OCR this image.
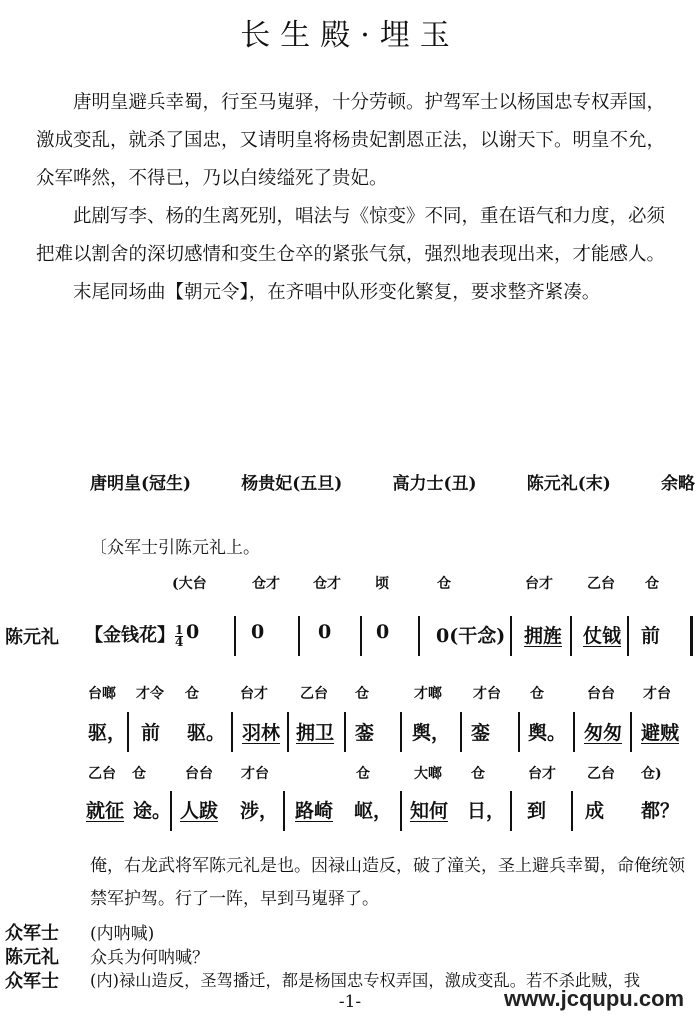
长生殿·埋玉

唐明皇避兵幸蜀，行至马嵬驿，十分劳顿。护驾军士以杨国忠专权弄国，激成变乱，就杀了国忠，又请明皇将杨贵妃割恩正法，以谢天下。明皇不允，众军哗然，不得已，乃以白绫缢死了贵妃。

此剧写李、杨的生离死别，唱法与《惊变》不同，重在语气和力度，必须把难以割舍的深切感情和变生仓卒的紧张气氛，强烈地表现出来，才能感人。

末尾同场曲【朝元令】，在齐唱中队形变化繁复，要求整齐紧凑。

唐明皇(冠生)	杨贵妃(五旦)	高力士(丑)	陈元礼(末)	余略
〔众军士引陈元礼上。
(大台	仓才 仓才 顷	仓	台才 乙台 仓
陈元礼 【金钱花】 $\frac{1}{4} 0$	0	0 0 0(干念) 拥旌 仗钺 前
台啷 才令 仓	台才 乙台 仓	才啷 才台 仓	台台 才台
驱， 前 驱。 羽林 拥卫 銮 舆， 銮 舆。 匆匆 避贼
乙台 仓	台台 才台	仓	大啷 仓	台才 乙台 仓)
就征 途。 人跋 涉， 路崎 岖， 知何 日， 到 成 都？
俺，右龙武将军陈元礼是也。因禄山造反，破了潼关，圣上避兵幸蜀，命俺统领禁军护驾。行了一阵，早到马嵬驿了。
众军士 (内呐喊)
陈元礼 众兵为何呐喊？
众军士 (内)禄山造反，圣驾播迁，都是杨国忠专权弄国，激成变乱。若不杀此贼，我
-1-	www.jcqupu.com
